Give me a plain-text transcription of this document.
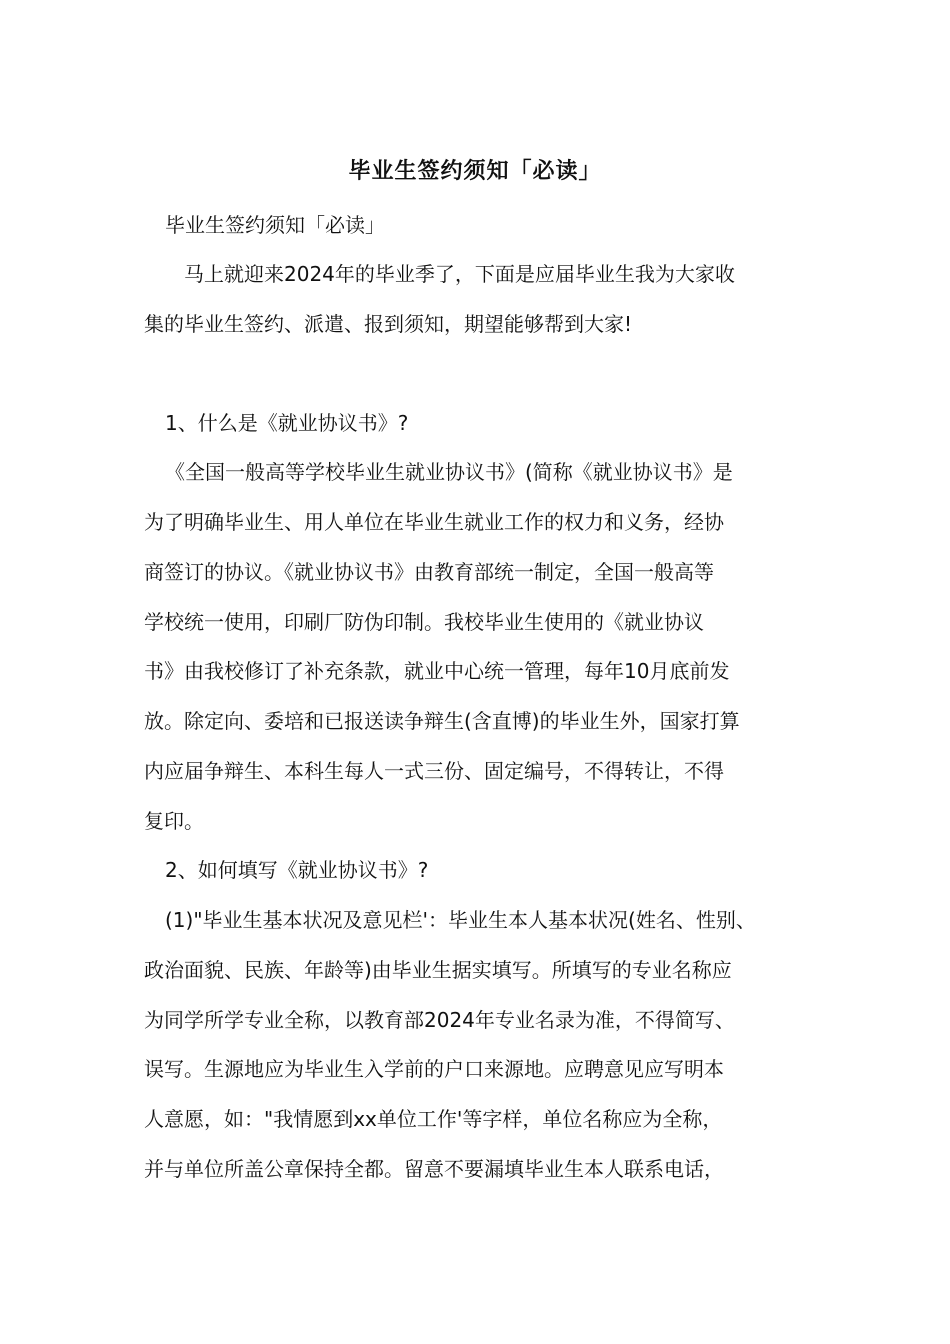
毕业生签约须知「必读」
毕业生签约须知「必读」
马上就迎来2024年的毕业季了，下面是应届毕业生我为大家收
集的毕业生签约、派遣、报到须知，期望能够帮到大家!
1、什么是《就业协议书》?
《全国一般高等学校毕业生就业协议书》(简称《就业协议书》是
为了明确毕业生、用人单位在毕业生就业工作的权力和义务，经协
商签订的协议。《就业协议书》由教育部统一制定，全国一般高等
学校统一使用，印刷厂防伪印制。我校毕业生使用的《就业协议
书》由我校修订了补充条款，就业中心统一管理，每年10月底前发
放。除定向、委培和已报送读争辩生(含直博)的毕业生外，国家打算
内应届争辩生、本科生每人一式三份、固定编号，不得转让，不得
复印。
2、如何填写《就业协议书》?
(1)"毕业生基本状况及意见栏'：毕业生本人基本状况(姓名、性别、
政治面貌、民族、年龄等)由毕业生据实填写。所填写的专业名称应
为同学所学专业全称，以教育部2024年专业名录为准，不得简写、
误写。生源地应为毕业生入学前的户口来源地。应聘意见应写明本
人意愿，如："我情愿到xx单位工作'等字样，单位名称应为全称，
并与单位所盖公章保持全都。留意不要漏填毕业生本人联系电话，
